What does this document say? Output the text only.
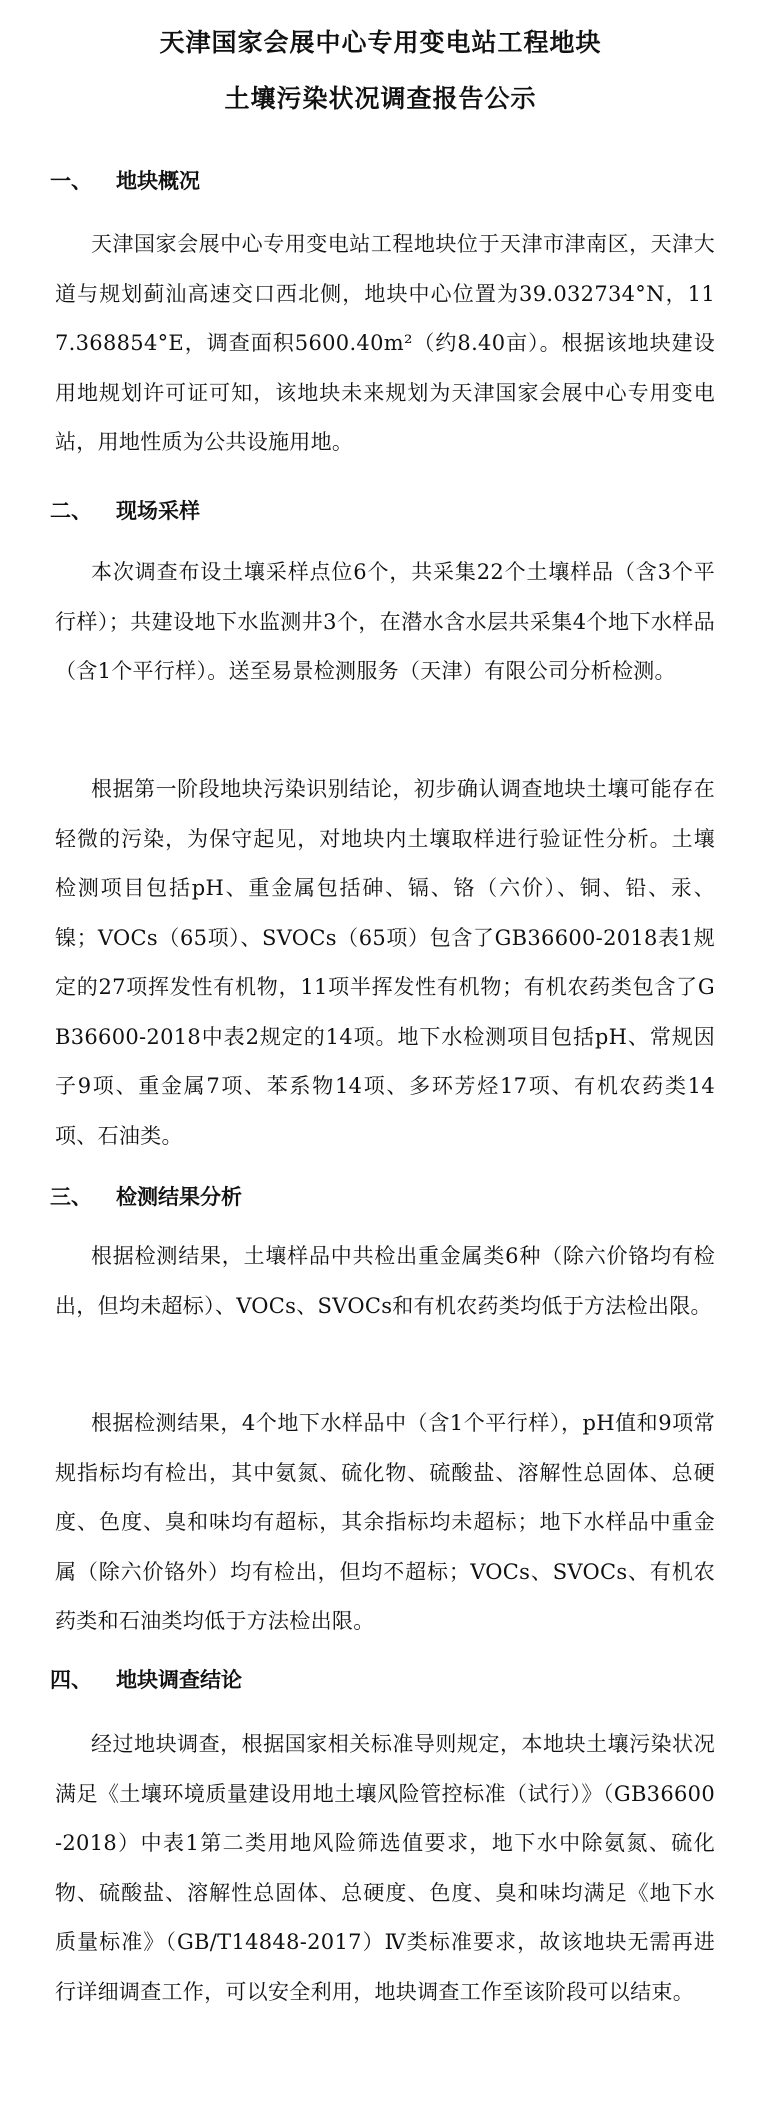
天津国家会展中心专用变电站工程地块
土壤污染状况调查报告公示
一、 地块概况
天津国家会展中心专用变电站工程地块位于天津市津南区，天津大道与规划蓟汕高速交口西北侧，地块中心位置为39.032734°N，117.368854°E，调查面积5600.40m²（约8.40亩）。根据该地块建设用地规划许可证可知，该地块未来规划为天津国家会展中心专用变电站，用地性质为公共设施用地。
二、 现场采样
本次调查布设土壤采样点位6个，共采集22个土壤样品（含3个平行样）；共建设地下水监测井3个，在潜水含水层共采集4个地下水样品（含1个平行样）。送至易景检测服务（天津）有限公司分析检测。
根据第一阶段地块污染识别结论，初步确认调查地块土壤可能存在轻微的污染，为保守起见，对地块内土壤取样进行验证性分析。土壤检测项目包括pH、重金属包括砷、镉、铬（六价）、铜、铅、汞、镍；VOCs（65项）、SVOCs（65项）包含了GB36600-2018表1规定的27项挥发性有机物，11项半挥发性有机物；有机农药类包含了GB36600-2018中表2规定的14项。地下水检测项目包括pH、常规因子9项、重金属7项、苯系物14项、多环芳烃17项、有机农药类14项、石油类。
三、 检测结果分析
根据检测结果，土壤样品中共检出重金属类6种（除六价铬均有检出，但均未超标）、VOCs、SVOCs和有机农药类均低于方法检出限。
根据检测结果，4个地下水样品中（含1个平行样），pH值和9项常规指标均有检出，其中氨氮、硫化物、硫酸盐、溶解性总固体、总硬度、色度、臭和味均有超标，其余指标均未超标；地下水样品中重金属（除六价铬外）均有检出，但均不超标；VOCs、SVOCs、有机农药类和石油类均低于方法检出限。
四、 地块调查结论
经过地块调查，根据国家相关标准导则规定，本地块土壤污染状况满足《土壤环境质量建设用地土壤风险管控标准（试行）》（GB36600-2018）中表1第二类用地风险筛选值要求，地下水中除氨氮、硫化物、硫酸盐、溶解性总固体、总硬度、色度、臭和味均满足《地下水质量标准》（GB/T14848-2017）Ⅳ类标准要求，故该地块无需再进行详细调查工作，可以安全利用，地块调查工作至该阶段可以结束。
